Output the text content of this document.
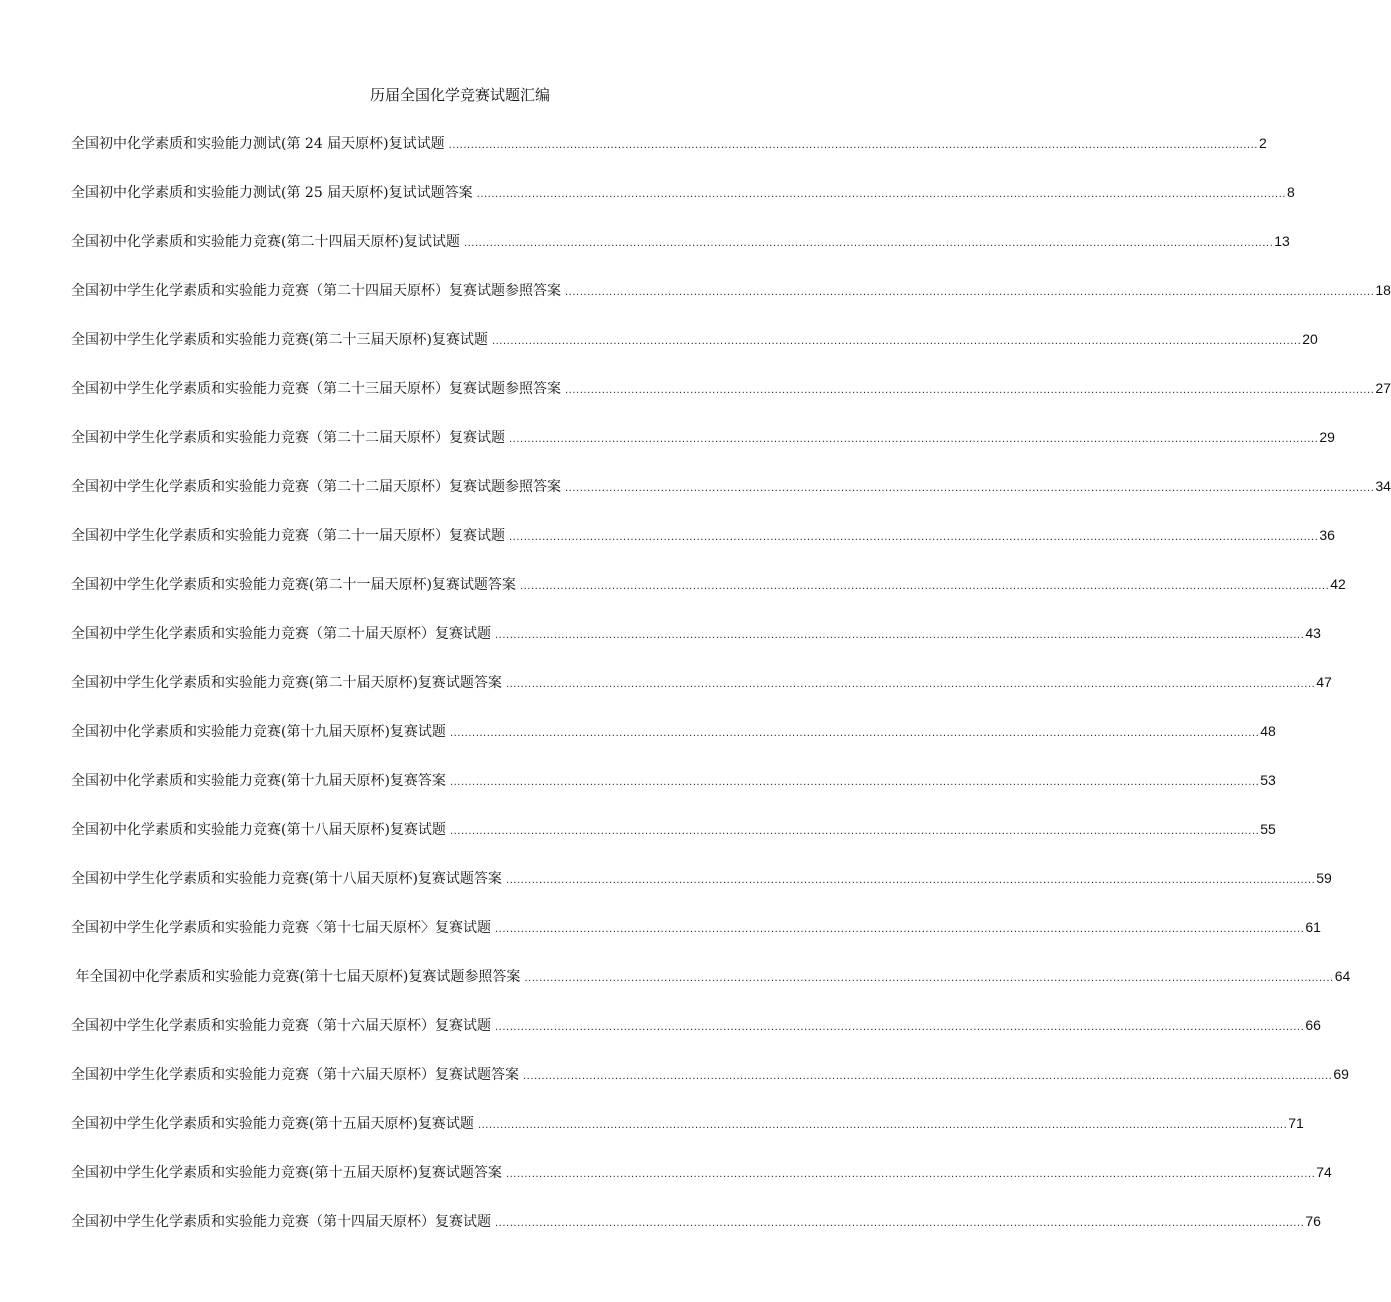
历届全国化学竞赛试题汇编
全国初中化学素质和实验能力测试(第 24 届天原杯)复试试题 ............................................................................................................................................................................................................................ 2
全国初中化学素质和实验能力测试(第 25 届天原杯)复试试题答案 ............................................................................................................................................................................................................................ 8
全国初中化学素质和实验能力竞赛(第二十四届天原杯)复试试题 ............................................................................................................................................................................................................................ 13
全国初中学生化学素质和实验能力竞赛（第二十四届天原杯）复赛试题参照答案 ............................................................................................................................................................................................................................ 18
全国初中学生化学素质和实验能力竞赛(第二十三届天原杯)复赛试题 ............................................................................................................................................................................................................................ 20
全国初中学生化学素质和实验能力竞赛（第二十三届天原杯）复赛试题参照答案 ............................................................................................................................................................................................................................ 27
全国初中学生化学素质和实验能力竞赛（第二十二届天原杯）复赛试题 ............................................................................................................................................................................................................................ 29
全国初中学生化学素质和实验能力竞赛（第二十二届天原杯）复赛试题参照答案 ............................................................................................................................................................................................................................ 34
全国初中学生化学素质和实验能力竞赛（第二十一届天原杯）复赛试题 ............................................................................................................................................................................................................................ 36
全国初中学生化学素质和实验能力竞赛(第二十一届天原杯)复赛试题答案 ............................................................................................................................................................................................................................ 42
全国初中学生化学素质和实验能力竞赛（第二十届天原杯）复赛试题 ............................................................................................................................................................................................................................ 43
全国初中学生化学素质和实验能力竞赛(第二十届天原杯)复赛试题答案 ............................................................................................................................................................................................................................ 47
全国初中化学素质和实验能力竞赛(第十九届天原杯)复赛试题 ............................................................................................................................................................................................................................ 48
全国初中化学素质和实验能力竞赛(第十九届天原杯)复赛答案 ............................................................................................................................................................................................................................ 53
全国初中化学素质和实验能力竞赛(第十八届天原杯)复赛试题 ............................................................................................................................................................................................................................ 55
全国初中学生化学素质和实验能力竞赛(第十八届天原杯)复赛试题答案 ............................................................................................................................................................................................................................ 59
全国初中学生化学素质和实验能力竞赛〈第十七届天原杯〉复赛试题 ............................................................................................................................................................................................................................ 61
年全国初中化学素质和实验能力竞赛(第十七届天原杯)复赛试题参照答案 ............................................................................................................................................................................................................................ 64
全国初中学生化学素质和实验能力竞赛（第十六届天原杯）复赛试题 ............................................................................................................................................................................................................................ 66
全国初中学生化学素质和实验能力竞赛（第十六届天原杯）复赛试题答案 ............................................................................................................................................................................................................................ 69
全国初中学生化学素质和实验能力竞赛(第十五届天原杯)复赛试题 ............................................................................................................................................................................................................................ 71
全国初中学生化学素质和实验能力竞赛(第十五届天原杯)复赛试题答案 ............................................................................................................................................................................................................................ 74
全国初中学生化学素质和实验能力竞赛（第十四届天原杯）复赛试题 ............................................................................................................................................................................................................................ 76
